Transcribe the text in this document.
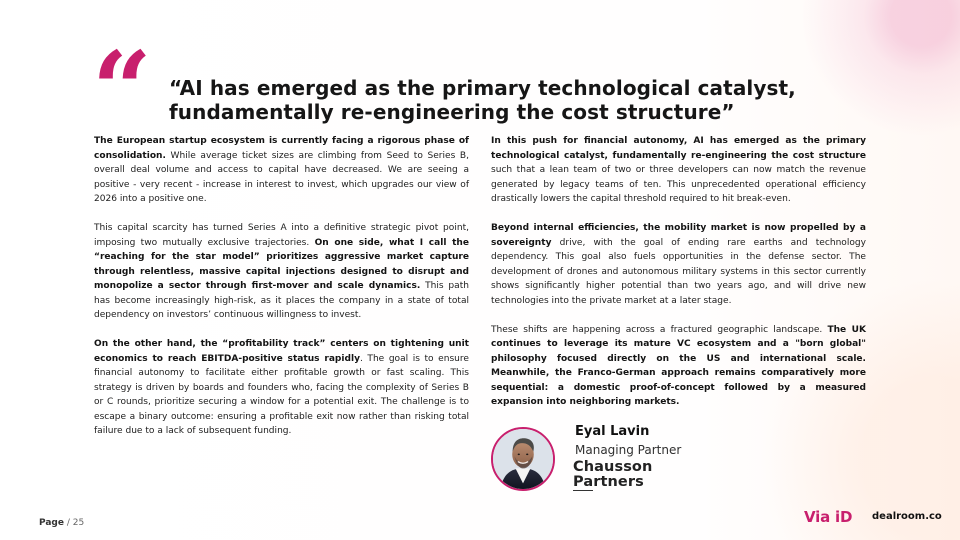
“	“AI has emerged as the primary technological catalyst, fundamentally re-engineering the cost structure”

The European startup ecosystem is currently facing a rigorous phase of consolidation. While average ticket sizes are climbing from Seed to Series B, overall deal volume and access to capital have decreased. We are seeing a positive - very recent - increase in interest to invest, which upgrades our view of 2026 into a positive one.

This capital scarcity has turned Series A into a definitive strategic pivot point, imposing two mutually exclusive trajectories. On one side, what I call the “reaching for the star model” prioritizes aggressive market capture through relentless, massive capital injections designed to disrupt and monopolize a sector through first-mover and scale dynamics. This path has become increasingly high-risk, as it places the company in a state of total dependency on investors’ continuous willingness to invest.

On the other hand, the “profitability track” centers on tightening unit economics to reach EBITDA-positive status rapidly. The goal is to ensure financial autonomy to facilitate either profitable growth or fast scaling. This strategy is driven by boards and founders who, facing the complexity of Series B or C rounds, prioritize securing a window for a potential exit. The challenge is to escape a binary outcome: ensuring a profitable exit now rather than risking total failure due to a lack of subsequent funding.

In this push for financial autonomy, AI has emerged as the primary technological catalyst, fundamentally re-engineering the cost structure such that a lean team of two or three developers can now match the revenue generated by legacy teams of ten. This unprecedented operational efficiency drastically lowers the capital threshold required to hit break-even.

Beyond internal efficiencies, the mobility market is now propelled by a sovereignty drive, with the goal of ending rare earths and technology dependency. This goal also fuels opportunities in the defense sector. The development of drones and autonomous military systems in this sector currently shows significantly higher potential than two years ago, and will drive new technologies into the private market at a later stage.

These shifts are happening across a fractured geographic landscape. The UK continues to leverage its mature VC ecosystem and a "born global" philosophy focused directly on the US and international scale. Meanwhile, the Franco-German approach remains comparatively more sequential: a domestic proof-of-concept followed by a measured expansion into neighboring markets.

Eyal Lavin
Managing Partner
Chausson
Partners
Page / 25	Via iD dealroom.co
